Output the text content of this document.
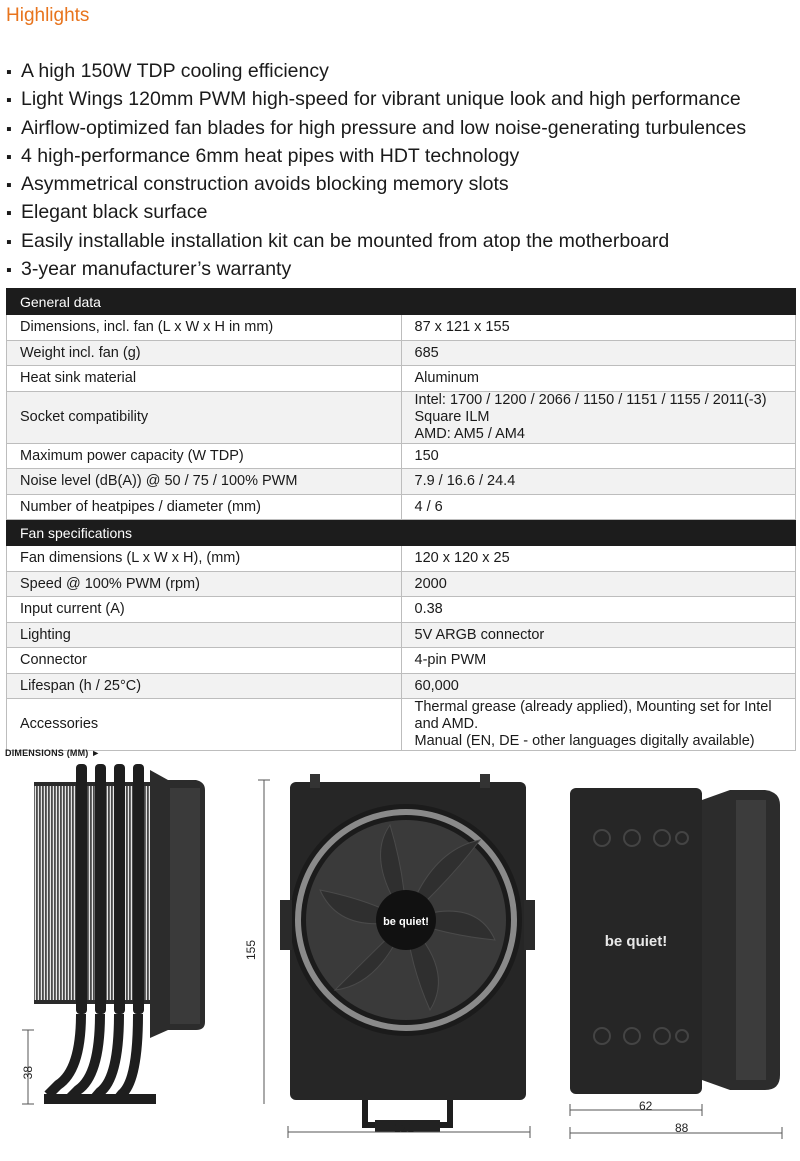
Highlights
▪ A high 150W TDP cooling efficiency
▪ Light Wings 120mm PWM high-speed for vibrant unique look and high performance
▪ Airflow-optimized fan blades for high pressure and low noise-generating turbulences
▪ 4 high-performance 6mm heat pipes with HDT technology
▪ Asymmetrical construction avoids blocking memory slots
▪ Elegant black surface
▪ Easily installable installation kit can be mounted from atop the motherboard
▪ 3-year manufacturer’s warranty
General data	
Dimensions, incl. fan (L x W x H in mm)	87 x 121 x 155
Weight incl. fan (g)	685
Heat sink material	Aluminum
Socket compatibility	Intel: 1700 / 1200 / 2066 / 1150 / 1151 / 1155 / 2011(-3) Square ILM
AMD: AM5 / AM4

Maximum power capacity (W TDP)	150
Noise level (dB(A)) @ 50 / 75 / 100% PWM	7.9 / 16.6 / 24.4
Number of heatpipes / diameter (mm)	4 / 6
Fan specifications	
Fan dimensions (L x W x H), (mm)	120 x 120 x 25
Speed @ 100% PWM (rpm)	2000
Input current (A)	0.38
Lighting	5V ARGB connector
Connector	4-pin PWM
Lifespan (h / 25°C)	60,000
Accessories	Thermal grease (already applied), Mounting set for Intel and AMD.
Manual (EN, DE - other languages digitally available)
DIMENSIONS (MM) ►
38
155
be quiet!
121
be quiet!
62
88
